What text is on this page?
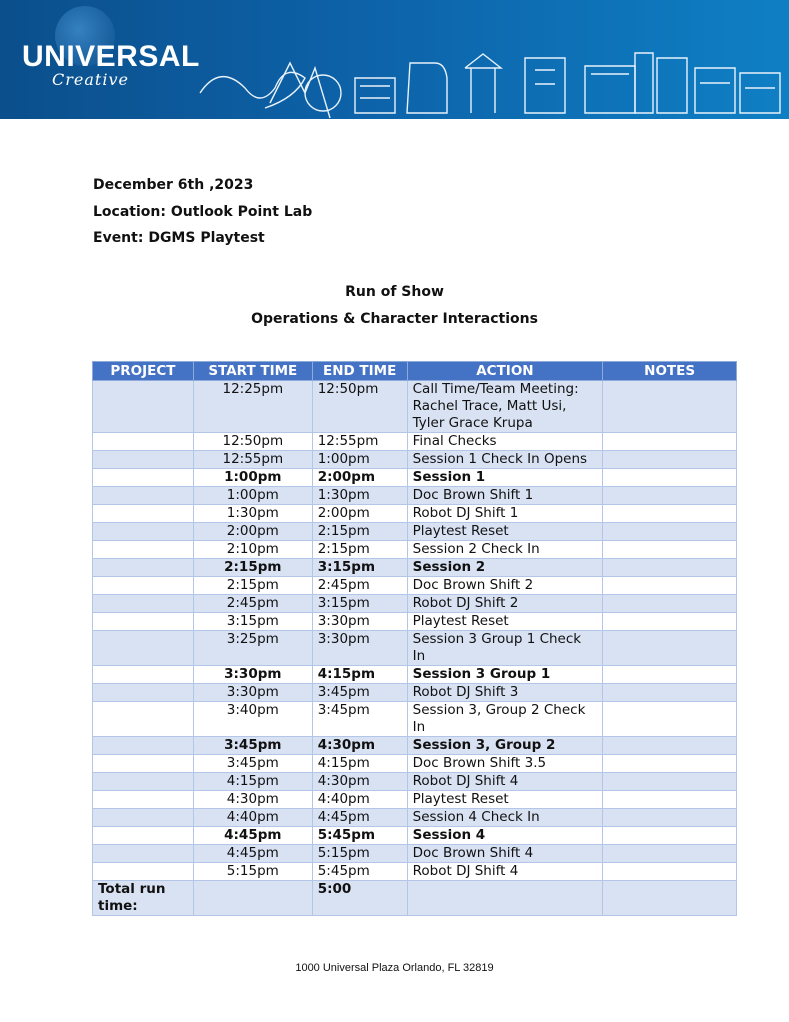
UNIVERSAL
Creative
December 6th ,2023
Location: Outlook Point Lab
Event: DGMS Playtest
Run of Show
Operations & Character Interactions
PROJECT	START TIME	END TIME	ACTION	NOTES
	12:25pm	12:50pm	Call Time/Team Meeting: Rachel Trace, Matt Usi, Tyler Grace Krupa	
	12:50pm	12:55pm	Final Checks	
	12:55pm	1:00pm	Session 1 Check In Opens	
	1:00pm	2:00pm	Session 1	
	1:00pm	1:30pm	Doc Brown Shift 1	
	1:30pm	2:00pm	Robot DJ Shift 1	
	2:00pm	2:15pm	Playtest Reset	
	2:10pm	2:15pm	Session 2 Check In	
	2:15pm	3:15pm	Session 2	
	2:15pm	2:45pm	Doc Brown Shift 2	
	2:45pm	3:15pm	Robot DJ Shift 2	
	3:15pm	3:30pm	Playtest Reset	
	3:25pm	3:30pm	Session 3 Group 1 Check In	
	3:30pm	4:15pm	Session 3 Group 1	
	3:30pm	3:45pm	Robot DJ Shift 3	
	3:40pm	3:45pm	Session 3, Group 2 Check In	
	3:45pm	4:30pm	Session 3, Group 2	
	3:45pm	4:15pm	Doc Brown Shift 3.5	
	4:15pm	4:30pm	Robot DJ Shift 4	
	4:30pm	4:40pm	Playtest Reset	
	4:40pm	4:45pm	Session 4 Check In	
	4:45pm	5:45pm	Session 4	
	4:45pm	5:15pm	Doc Brown Shift 4	
	5:15pm	5:45pm	Robot DJ Shift 4	
Total run time:		5:00		
1000 Universal Plaza Orlando, FL 32819
